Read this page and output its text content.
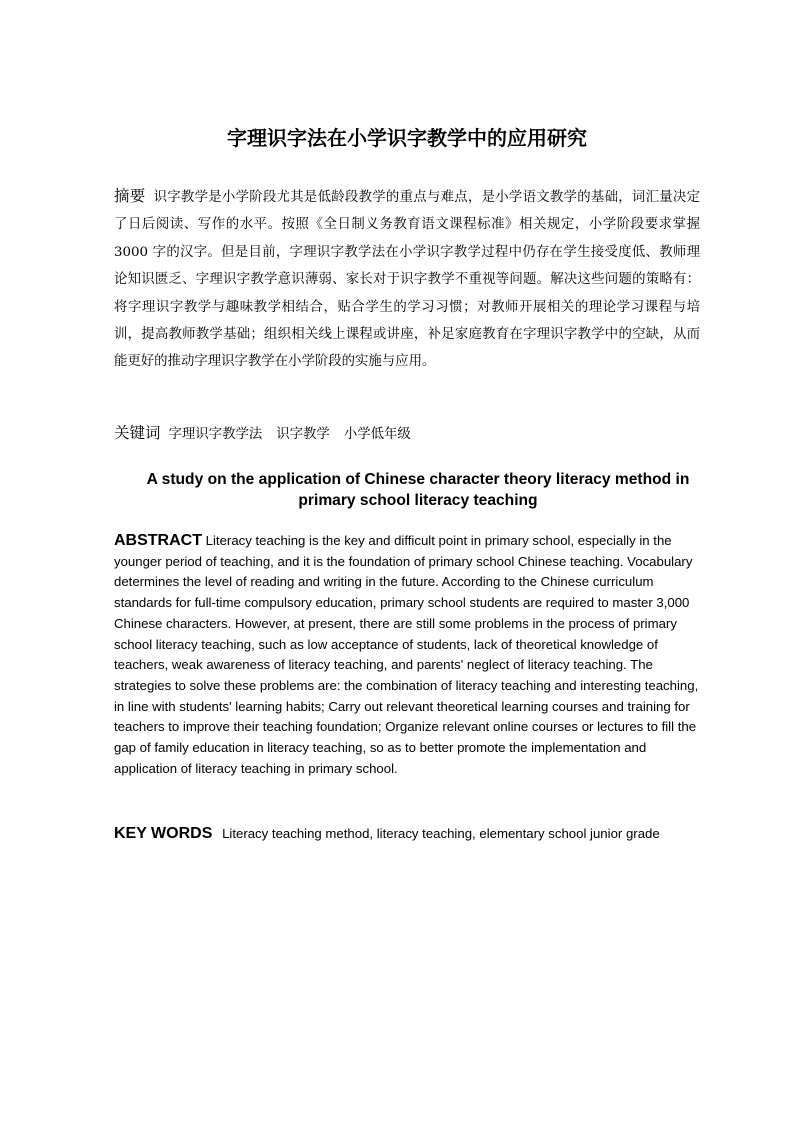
字理识字法在小学识字教学中的应用研究

摘要 识字教学是小学阶段尤其是低龄段教学的重点与难点，是小学语文教学的基础，词汇量决定了日后阅读、写作的水平。按照《全日制义务教育语文课程标准》相关规定，小学阶段要求掌握 3000 字的汉字。但是目前，字理识字教学法在小学识字教学过程中仍存在学生接受度低、教师理论知识匮乏、字理识字教学意识薄弱、家长对于识字教学不重视等问题。解决这些问题的策略有：将字理识字教学与趣味教学相结合，贴合学生的学习习惯；对教师开展相关的理论学习课程与培训，提高教师教学基础；组织相关线上课程或讲座，补足家庭教育在字理识字教学中的空缺，从而能更好的推动字理识字教学在小学阶段的实施与应用。

关键词 字理识字教学法 识字教学 小学低年级

A study on the application of Chinese character theory literacy method in primary school literacy teaching

ABSTRACT Literacy teaching is the key and difficult point in primary school, especially in the younger period of teaching, and it is the foundation of primary school Chinese teaching. Vocabulary determines the level of reading and writing in the future. According to the Chinese curriculum standards for full-time compulsory education, primary school students are required to master 3,000 Chinese characters. However, at present, there are still some problems in the process of primary school literacy teaching, such as low acceptance of students, lack of theoretical knowledge of teachers, weak awareness of literacy teaching, and parents' neglect of literacy teaching. The strategies to solve these problems are: the combination of literacy teaching and interesting teaching, in line with students' learning habits; Carry out relevant theoretical learning courses and training for teachers to improve their teaching foundation; Organize relevant online courses or lectures to fill the gap of family education in literacy teaching, so as to better promote the implementation and application of literacy teaching in primary school.

KEY WORDS Literacy teaching method, literacy teaching, elementary school junior grade
